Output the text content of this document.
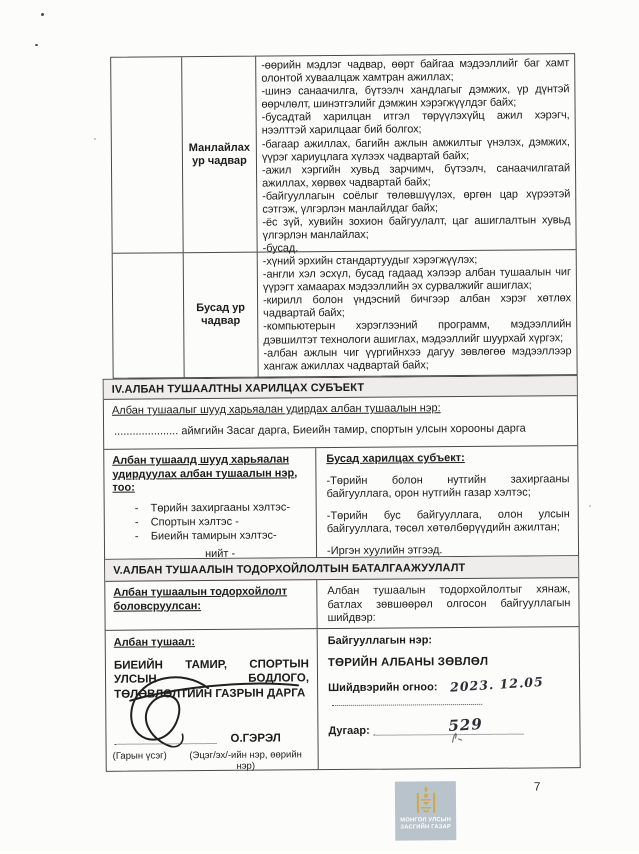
Манлайлах ур чадвар

-өөрийн мэдлэг чадвар, өөрт байгаа мэдээллийг баг хамт олонтой хуваалцаж хамтран ажиллах;

-шинэ санаачилга, бүтээлч хандлагыг дэмжих, үр дүнтэй өөрчлөлт, шинэтгэлийг дэмжин хэрэгжүүлдэг байх;

-бусадтай харилцан итгэл төрүүлэхүйц ажил хэрэгч, нээлттэй харилцааг бий болгох;

-багаар ажиллах, багийн ажлын амжилтыг үнэлэх, дэмжих, үүрэг хариуцлага хүлээх чадвартай байх;

-ажил хэргийн хувьд зарчимч, бүтээлч, санаачилгатай ажиллах, хөрвөх чадвартай байх;

-байгууллагын соёлыг төлөвшүүлэх, өргөн цар хүрээтэй сэтгэж, үлгэрлэн манлайлдаг байх;

-ёс зүй, хувийн зохион байгуулалт, цаг ашиглалтын хувьд үлгэрлэн манлайлах;

-бусад.

Бусад ур чадвар

-хүний эрхийн стандартуудыг хэрэгжүүлэх;

-англи хэл эсхүл, бусад гадаад хэлээр албан тушаалын чиг үүрэгт хамаарах мэдээллийн эх сурвалжийг ашиглах;

-кирилл болон үндэсний бичгээр албан хэрэг хөтлөх чадвартай байх;

-компьютерын хэрэглээний программ, мэдээллийн дэвшилтэт технологи ашиглах, мэдээллийг шуурхай хүргэх;

-албан ажлын чиг үүргийнхээ дагуу зөвлөгөө мэдээллээр хангаж ажиллах чадвартай байх;

IV.АЛБАН ТУШААЛТНЫ ХАРИЛЦАХ СУБЪЕКТ
Албан тушаалыг шууд харьяалан удирдах албан тушаалын нэр:
..................... аймгийн Засаг дарга, Биеийн тамир, спортын улсын хорооны дарга
Албан тушаалд шууд харьяалан удирдуулах албан тушаалын нэр, тоо:
-    Төрийн захиргааны хэлтэс-
-    Спортын хэлтэс -
-    Биеийн тамирын хэлтэс-
нийт -
Бусад харилцах субъект:

-Төрийн болон нутгийн захиргааны байгууллага, орон нутгийн газар хэлтэс;

-Төрийн бус байгууллага, олон улсын байгууллага, төсөл хөтөлбөрүүдийн ажилтан;

-Иргэн хуулийн этгээд.

V.АЛБАН ТУШААЛЫН ТОДОРХОЙЛОЛТЫН БАТАЛГААЖУУЛАЛТ
Албан тушаалын тодорхойлолт боловсруулсан:

Албан тушаалын тодорхойлолтыг хянаж, батлах зөвшөөрөл олгосон байгууллагын шийдвэр:

Албан тушаал:
БИЕИЙН ТАМИР, СПОРТЫН УЛСЫН БОДЛОГО, ТӨЛӨВЛӨЛТИЙН ГАЗРЫН ДАРГА
О.ГЭРЭЛ
(Гарын үсэг)	(Эцэг/эх/-ийн нэр, өөрийн нэр)
Байгууллагын нэр:
ТӨРИЙН АЛБАНЫ ЗӨВЛӨЛ
Шийдвэрийн огноо: 2023. 12.05
Дугаар:	529
МОНГОЛ УЛСЫН
ЗАСГИЙН ГАЗАР
7
